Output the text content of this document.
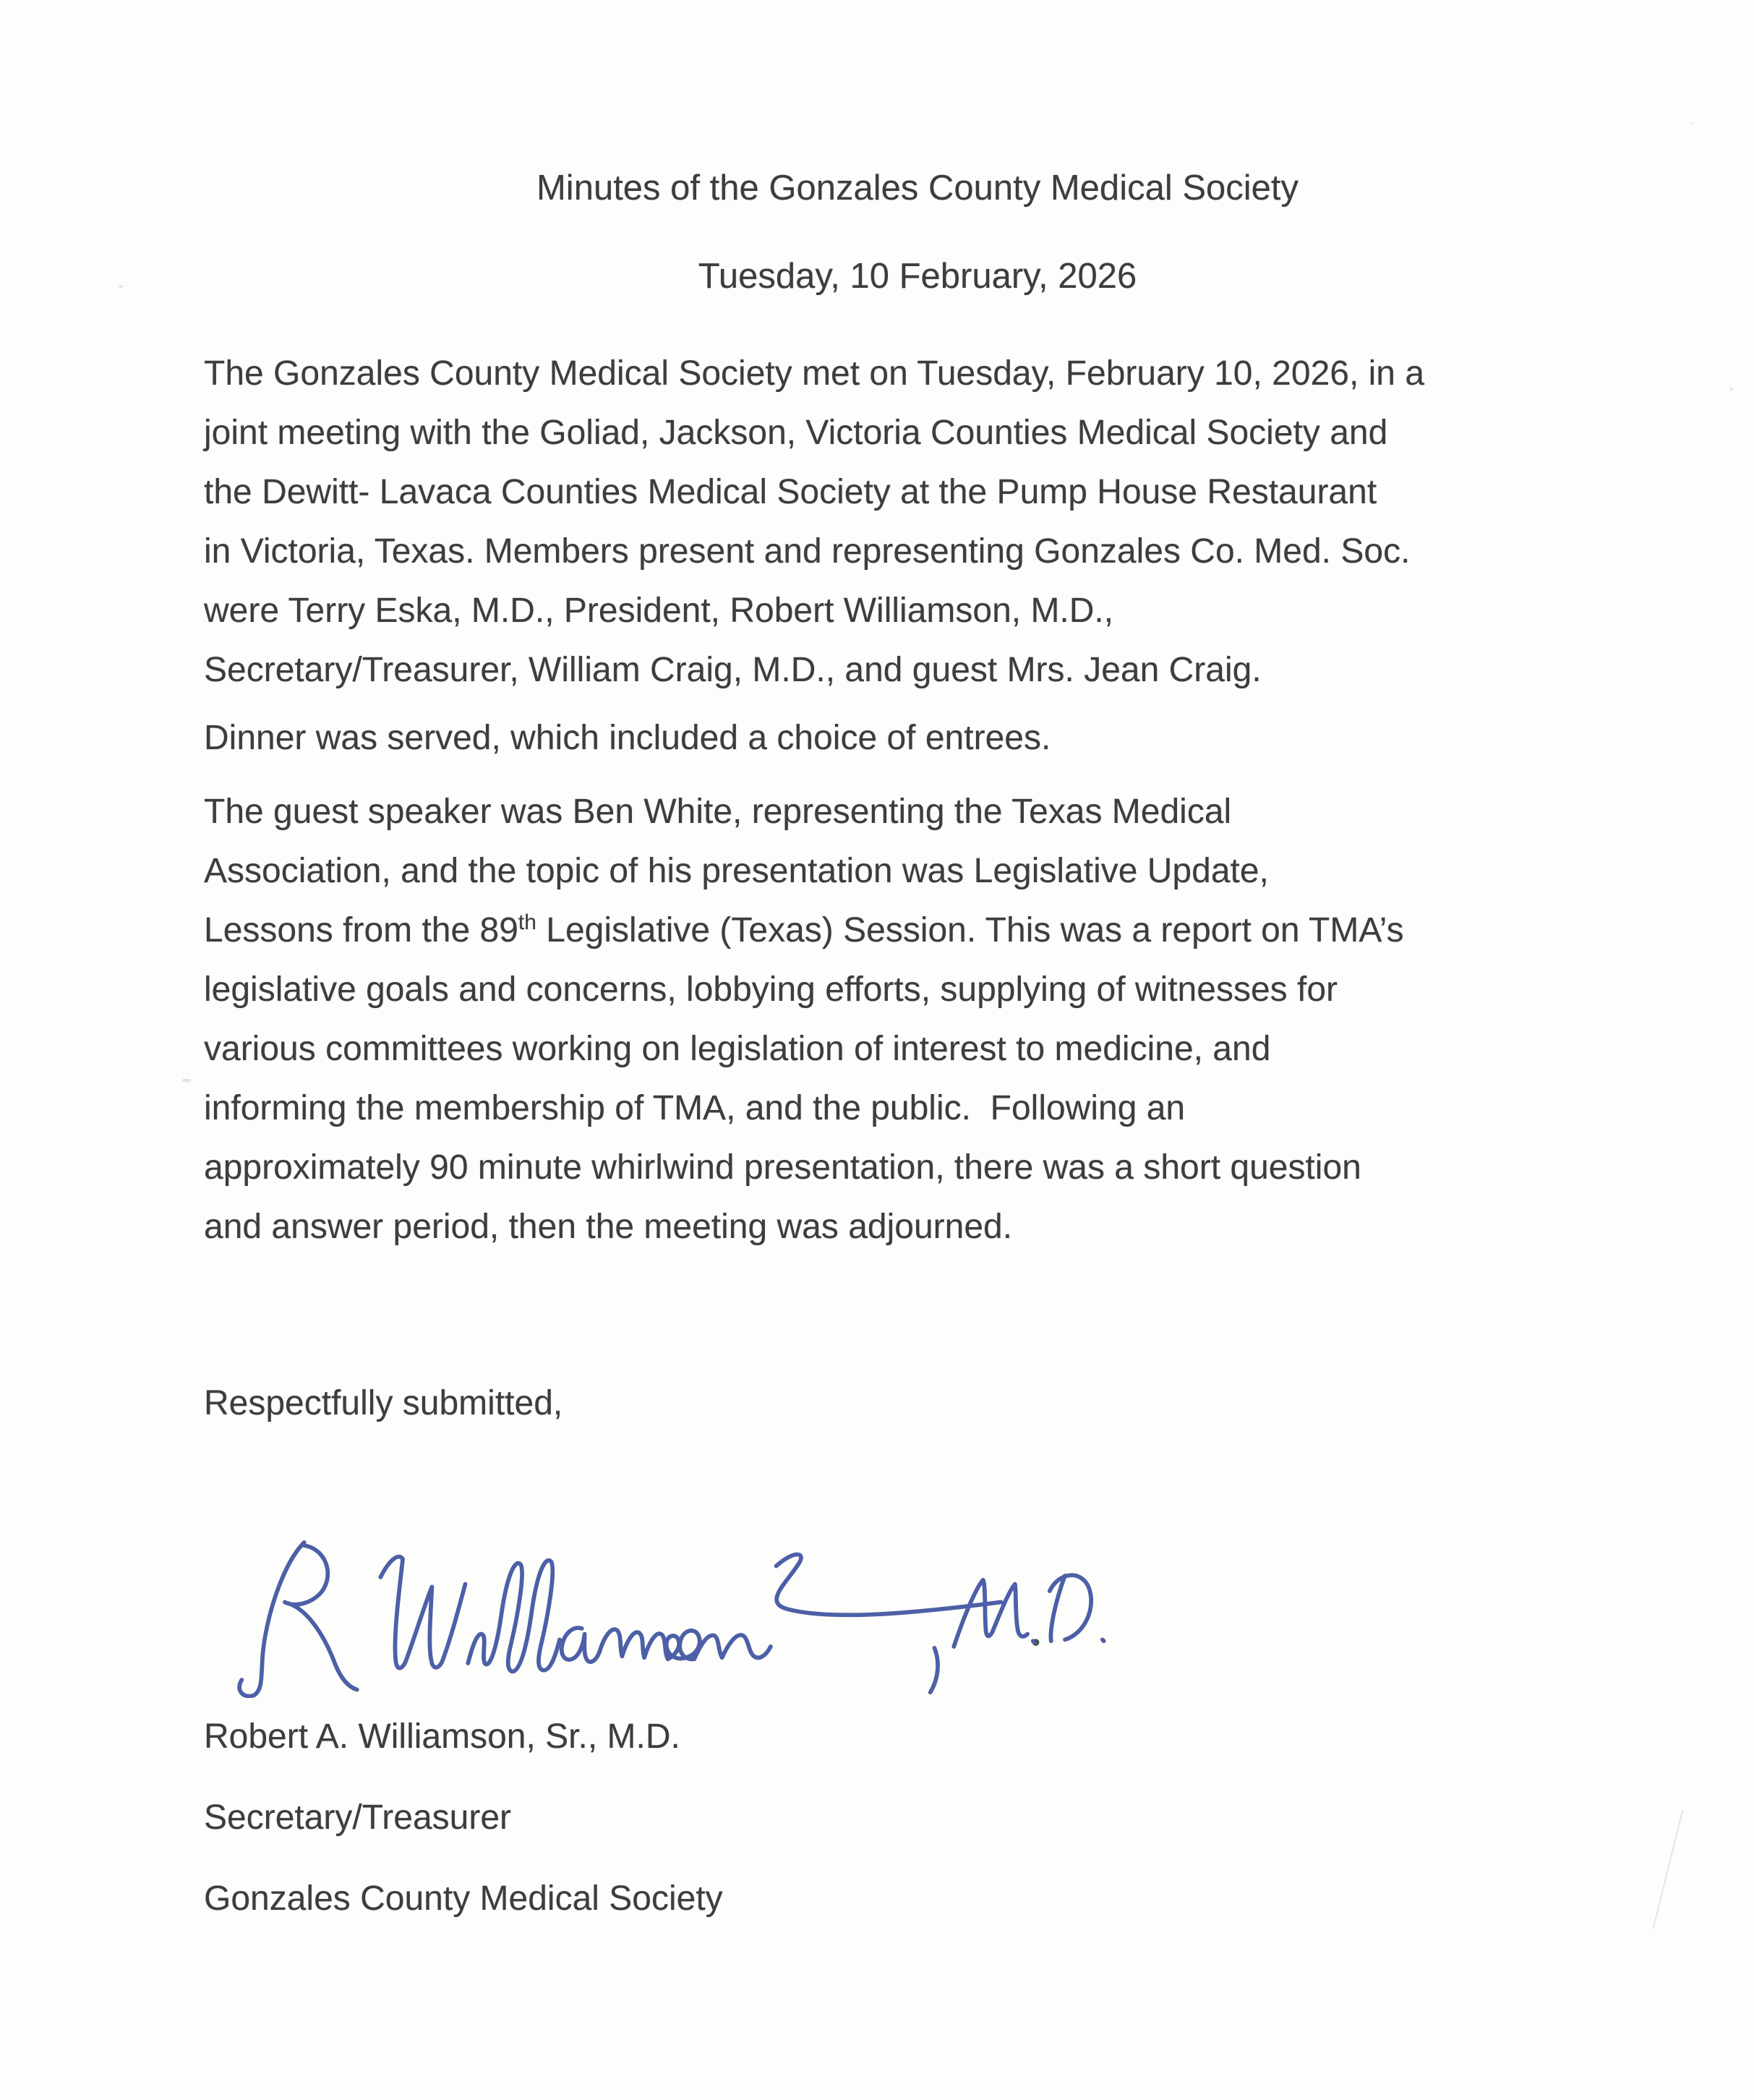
Minutes of the Gonzales County Medical Society
Tuesday, 10 February, 2026
The Gonzales County Medical Society met on Tuesday, February 10, 2026, in a
joint meeting with the Goliad, Jackson, Victoria Counties Medical Society and
the Dewitt- Lavaca Counties Medical Society at the Pump House Restaurant
in Victoria, Texas. Members present and representing Gonzales Co. Med. Soc.
were Terry Eska, M.D., President, Robert Williamson, M.D.,
Secretary/Treasurer, William Craig, M.D., and guest Mrs. Jean Craig.
Dinner was served, which included a choice of entrees.
The guest speaker was Ben White, representing the Texas Medical
Association, and the topic of his presentation was Legislative Update,
Lessons from the 89th Legislative (Texas) Session. This was a report on TMA’s
legislative goals and concerns, lobbying efforts, supplying of witnesses for
various committees working on legislation of interest to medicine, and
informing the membership of TMA, and the public.  Following an
approximately 90 minute whirlwind presentation, there was a short question
and answer period, then the meeting was adjourned.
Respectfully submitted,
Robert A. Williamson, Sr., M.D.
Secretary/Treasurer
Gonzales County Medical Society
